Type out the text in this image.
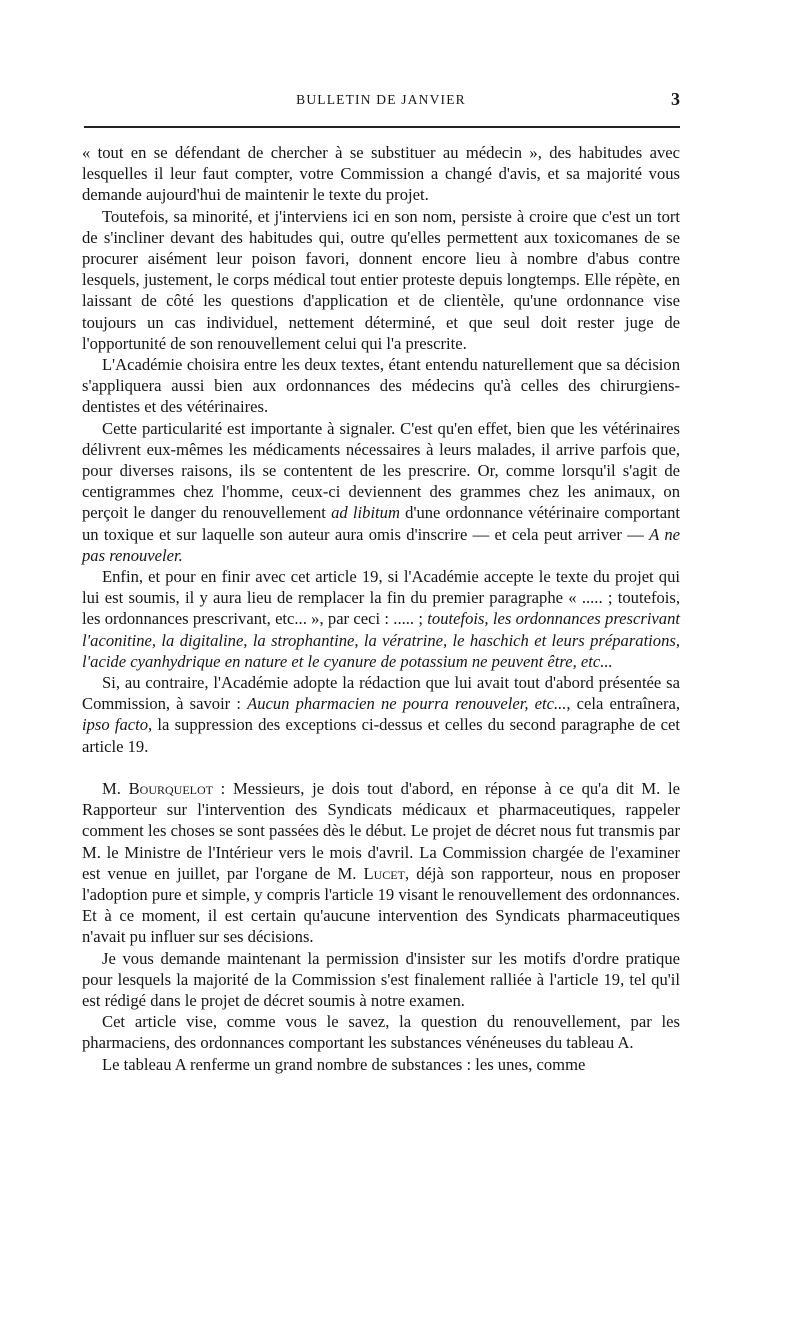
BULLETIN DE JANVIER	3

« tout en se défendant de chercher à se substituer au médecin », des habitudes avec lesquelles il leur faut compter, votre Commission a changé d'avis, et sa majorité vous demande aujourd'hui de maintenir le texte du projet.

Toutefois, sa minorité, et j'interviens ici en son nom, persiste à croire que c'est un tort de s'incliner devant des habitudes qui, outre qu'elles permettent aux toxicomanes de se procurer aisément leur poison favori, donnent encore lieu à nombre d'abus contre lesquels, justement, le corps médical tout entier proteste depuis longtemps. Elle répète, en laissant de côté les questions d'application et de clientèle, qu'une ordonnance vise toujours un cas individuel, nettement déterminé, et que seul doit rester juge de l'opportunité de son renouvellement celui qui l'a prescrite.

L'Académie choisira entre les deux textes, étant entendu naturellement que sa décision s'appliquera aussi bien aux ordonnances des médecins qu'à celles des chirurgiens-dentistes et des vétérinaires.

Cette particularité est importante à signaler. C'est qu'en effet, bien que les vétérinaires délivrent eux-mêmes les médicaments nécessaires à leurs malades, il arrive parfois que, pour diverses raisons, ils se contentent de les prescrire. Or, comme lorsqu'il s'agit de centigrammes chez l'homme, ceux-ci deviennent des grammes chez les animaux, on perçoit le danger du renouvellement ad libitum d'une ordonnance vétérinaire comportant un toxique et sur laquelle son auteur aura omis d'inscrire — et cela peut arriver — A ne pas renouveler.

Enfin, et pour en finir avec cet article 19, si l'Académie accepte le texte du projet qui lui est soumis, il y aura lieu de remplacer la fin du premier paragraphe « ..... ; toutefois, les ordonnances prescrivant, etc... », par ceci : ..... ; toutefois, les ordonnances prescrivant l'aconitine, la digitaline, la strophantine, la vératrine, le haschich et leurs préparations, l'acide cyanhydrique en nature et le cyanure de potassium ne peuvent être, etc...

Si, au contraire, l'Académie adopte la rédaction que lui avait tout d'abord présentée sa Commission, à savoir : Aucun pharmacien ne pourra renouveler, etc..., cela entraînera, ipso facto, la suppression des exceptions ci-dessus et celles du second paragraphe de cet article 19.

M. Bourquelot : Messieurs, je dois tout d'abord, en réponse à ce qu'a dit M. le Rapporteur sur l'intervention des Syndicats médicaux et pharmaceutiques, rappeler comment les choses se sont passées dès le début. Le projet de décret nous fut transmis par M. le Ministre de l'Intérieur vers le mois d'avril. La Commission chargée de l'examiner est venue en juillet, par l'organe de M. Lucet, déjà son rapporteur, nous en proposer l'adoption pure et simple, y compris l'article 19 visant le renouvellement des ordonnances. Et à ce moment, il est certain qu'aucune intervention des Syndicats pharmaceutiques n'avait pu influer sur ses décisions.

Je vous demande maintenant la permission d'insister sur les motifs d'ordre pratique pour lesquels la majorité de la Commission s'est finalement ralliée à l'article 19, tel qu'il est rédigé dans le projet de décret soumis à notre examen.

Cet article vise, comme vous le savez, la question du renouvellement, par les pharmaciens, des ordonnances comportant les substances vénéneuses du tableau A.

Le tableau A renferme un grand nombre de substances : les unes, comme
